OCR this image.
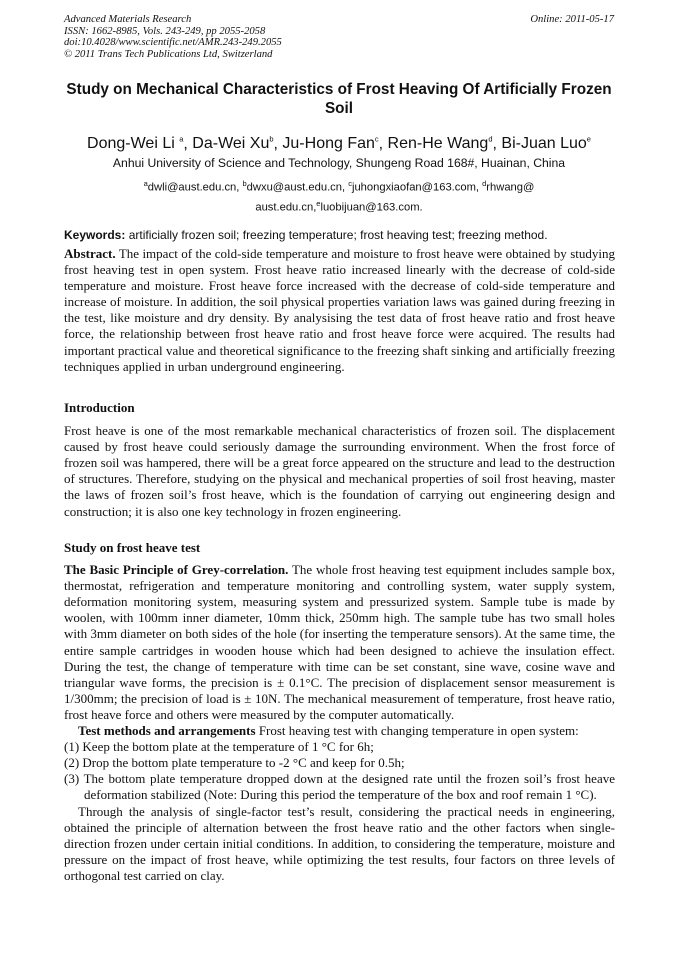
Advanced Materials Research
ISSN: 1662-8985, Vols. 243-249, pp 2055-2058
doi:10.4028/www.scientific.net/AMR.243-249.2055
© 2011 Trans Tech Publications Ltd, Switzerland
Online: 2011-05-17
Study on Mechanical Characteristics of Frost Heaving Of Artificially Frozen Soil
Dong-Wei Li $^a$, Da-Wei Xu$^b$, Ju-Hong Fan$^c$, Ren-He Wang$^d$, Bi-Juan Luo$^e$
Anhui University of Science and Technology, Shungeng Road 168#, Huainan, China
$^a$dwli@aust.edu.cn, $^b$dwxu@aust.edu.cn, $^c$juhongxiaofan@163.com, $^d$rhwang@ aust.edu.cn,$^e$luobijuan@163.com.
Keywords: artificially frozen soil; freezing temperature; frost heaving test; freezing method.

Abstract. The impact of the cold-side temperature and moisture to frost heave were obtained by studying frost heaving test in open system. Frost heave ratio increased linearly with the decrease of cold-side temperature and moisture. Frost heave force increased with the decrease of cold-side temperature and increase of moisture. In addition, the soil physical properties variation laws was gained during freezing in the test, like moisture and dry density. By analysising the test data of frost heave ratio and frost heave force, the relationship between frost heave ratio and frost heave force were acquired. The results had important practical value and theoretical significance to the freezing shaft sinking and artificially freezing techniques applied in urban underground engineering.

Introduction

Frost heave is one of the most remarkable mechanical characteristics of frozen soil. The displacement caused by frost heave could seriously damage the surrounding environment. When the frost force of frozen soil was hampered, there will be a great force appeared on the structure and lead to the destruction of structures. Therefore, studying on the physical and mechanical properties of soil frost heaving, master the laws of frozen soil’s frost heave, which is the foundation of carrying out engineering design and construction; it is also one key technology in frozen engineering.

Study on frost heave test

The Basic Principle of Grey-correlation. The whole frost heaving test equipment includes sample box, thermostat, refrigeration and temperature monitoring and controlling system, water supply system, deformation monitoring system, measuring system and pressurized system. Sample tube is made by woolen, with 100mm inner diameter, 10mm thick, 250mm high. The sample tube has two small holes with 3mm diameter on both sides of the hole (for inserting the temperature sensors). At the same time, the entire sample cartridges in wooden house which had been designed to achieve the insulation effect. During the test, the change of temperature with time can be set constant, sine wave, cosine wave and triangular wave forms, the precision is ± 0.1°C. The precision of displacement sensor measurement is 1/300mm; the precision of load is ± 10N. The mechanical measurement of temperature, frost heave ratio, frost heave force and others were measured by the computer automatically.

Test methods and arrangements Frost heaving test with changing temperature in open system:

(1) Keep the bottom plate at the temperature of 1 °C for 6h;
(2) Drop the bottom plate temperature to -2 °C and keep for 0.5h;
(3) The bottom plate temperature dropped down at the designed rate until the frozen soil’s frost heave deformation stabilized (Note: During this period the temperature of the box and roof remain 1 °C).

Through the analysis of single-factor test’s result, considering the practical needs in engineering, obtained the principle of alternation between the frost heave ratio and the other factors when single-direction frozen under certain initial conditions. In addition, to considering the temperature, moisture and pressure on the impact of frost heave, while optimizing the test results, four factors on three levels of orthogonal test carried on clay.
